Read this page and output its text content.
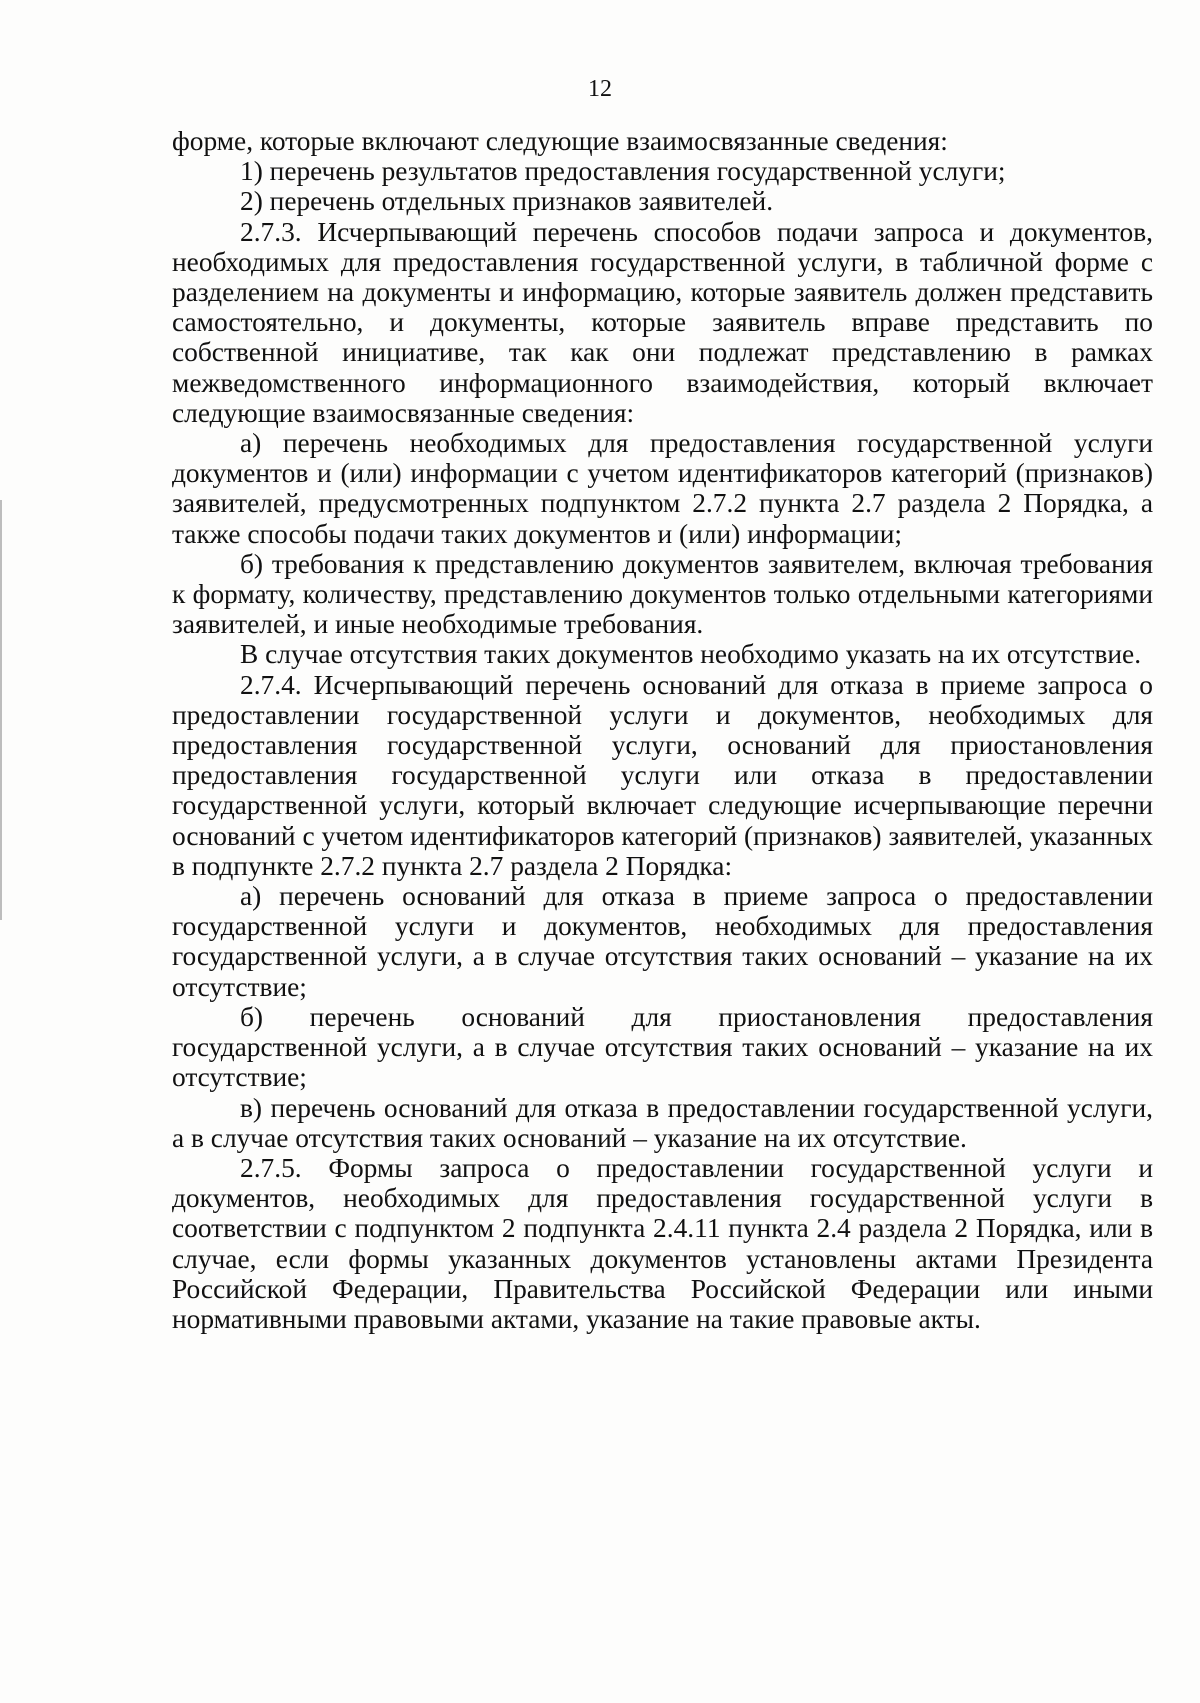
12

форме, которые включают следующие взаимосвязанные сведения:

1) перечень результатов предоставления государственной услуги;

2) перечень отдельных признаков заявителей.

2.7.3. Исчерпывающий перечень способов подачи запроса и документов, необходимых для предоставления государственной услуги, в табличной форме с разделением на документы и информацию, которые заявитель должен представить самостоятельно, и документы, которые заявитель вправе представить по собственной инициативе, так как они подлежат представлению в рамках межведомственного информационного взаимодействия, который включает следующие взаимосвязанные сведения:

а) перечень необходимых для предоставления государственной услуги документов и (или) информации с учетом идентификаторов категорий (признаков) заявителей, предусмотренных подпунктом 2.7.2 пункта 2.7 раздела 2 Порядка, а также способы подачи таких документов и (или) информации;

б) требования к представлению документов заявителем, включая требования к формату, количеству, представлению документов только отдельными категориями заявителей, и иные необходимые требования.

В случае отсутствия таких документов необходимо указать на их отсутствие.

2.7.4. Исчерпывающий перечень оснований для отказа в приеме запроса о предоставлении государственной услуги и документов, необходимых для предоставления государственной услуги, оснований для приостановления предоставления государственной услуги или отказа в предоставлении государственной услуги, который включает следующие исчерпывающие перечни оснований с учетом идентификаторов категорий (признаков) заявителей, указанных в подпункте 2.7.2 пункта 2.7 раздела 2 Порядка:

а) перечень оснований для отказа в приеме запроса о предоставлении государственной услуги и документов, необходимых для предоставления государственной услуги, а в случае отсутствия таких оснований – указание на их отсутствие;

б) перечень оснований для приостановления предоставления государственной услуги, а в случае отсутствия таких оснований – указание на их отсутствие;

в) перечень оснований для отказа в предоставлении государственной услуги, а в случае отсутствия таких оснований – указание на их отсутствие.

2.7.5. Формы запроса о предоставлении государственной услуги и документов, необходимых для предоставления государственной услуги в соответствии с подпунктом 2 подпункта 2.4.11 пункта 2.4 раздела 2 Порядка, или в случае, если формы указанных документов установлены актами Президента Российской Федерации, Правительства Российской Федерации или иными нормативными правовыми актами, указание на такие правовые акты.
